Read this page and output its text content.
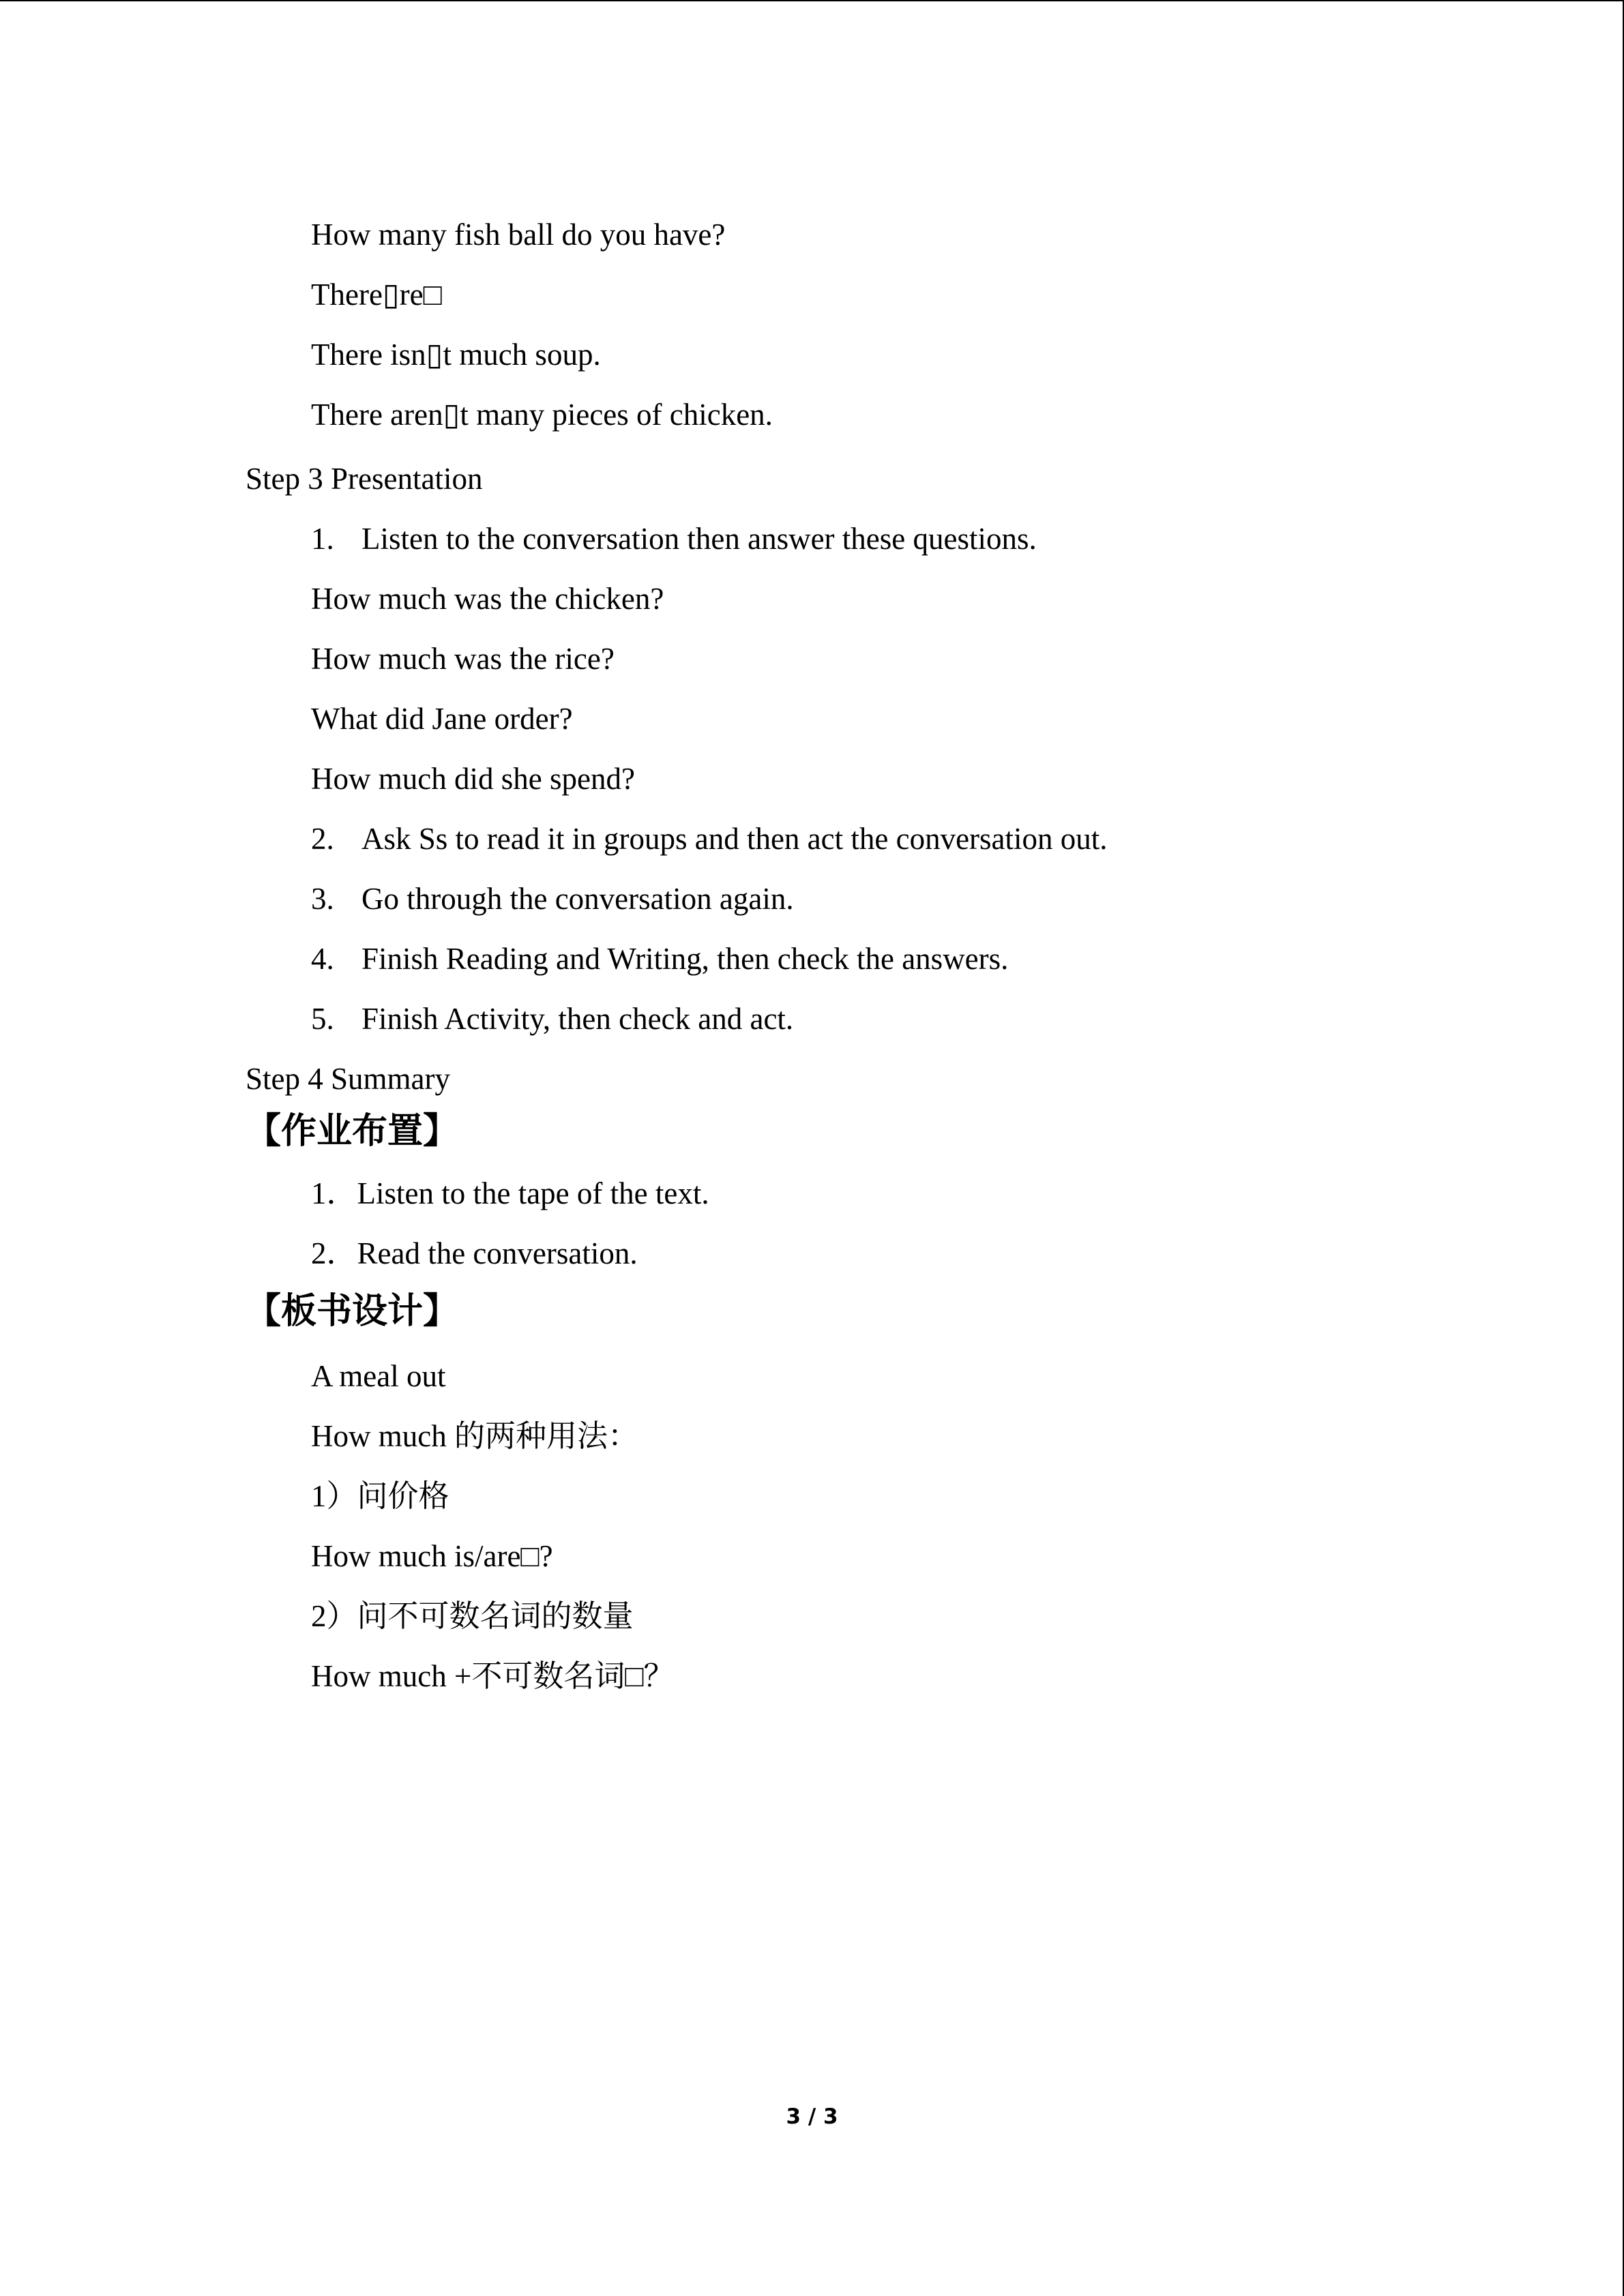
How many fish ball do you have?
There▯re□
There isn▯t much soup.
There aren▯t many pieces of chicken.
Step 3 Presentation
1. Listen to the conversation then answer these questions.
How much was the chicken?
How much was the rice?
What did Jane order?
How much did she spend?
2. Ask Ss to read it in groups and then act the conversation out.
3. Go through the conversation again.
4. Finish Reading and Writing, then check the answers.
5. Finish Activity, then check and act.
Step 4 Summary
【作业布置】
1．Listen to the tape of the text.
2．Read the conversation.
【板书设计】
A meal out
How much 的两种用法：
1）问价格
How much is/are□?
2）问不可数名词的数量
How much +不可数名词□？
3 / 3
